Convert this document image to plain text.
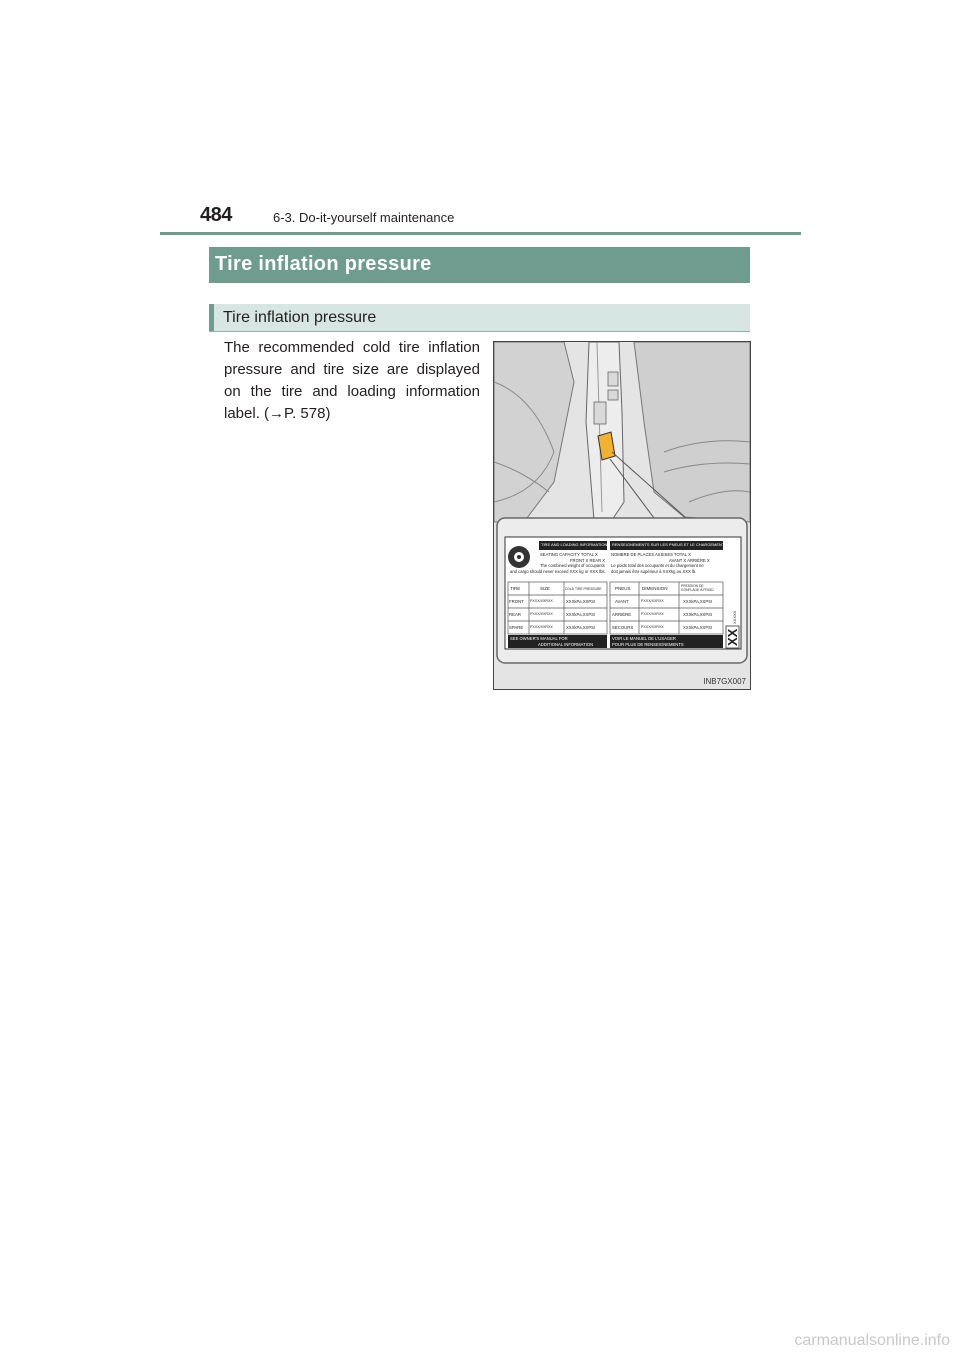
484	6-3. Do-it-yourself maintenance
Tire inflation pressure
Tire inflation pressure
The recommended cold tire inflation pressure and tire size are displayed on the tire and loading information label. (→P. 578)
TIRE AND LOADING INFORMATION RENSEIGNEMENTS SUR LES PNEUS ET LE CHARGEMENT
SEATING CAPACITY TOTAL X
FRONT X REAR X
The combined weight of occupants
and cargo should never exceed XXX kg or XXX lbs.
NOMBRE DE PLACES ASSISES TOTAL X
AVANT X ARRIÈRE X
Le poids total des occupants et du chargement ne
doit jamais être supérieur à XXXkg ou XXX lb.
TIRE	SIZE	COLD TIRE PRESSURE
FRONT PXXX/XXRXX	XXXkPa,XXPSI
REAR	PXXX/XXRXX	XXXkPa,XXPSI
SPARE PXXX/XXRXX	XXXkPa,XXPSI
PNEUS	DIMENSION	PRESSION DE GONFLAGE À FROID
AVANT	PXXX/XXRXX	XXXkPa,XXPSI
ARRIÈRE	PXXX/XXRXX	XXXkPa,XXPSI
SECOURS PXXX/XXRXX	XXXkPa,XXPSI
SEE OWNER'S MANUAL FOR
ADDITIONAL INFORMATION
VOIR LE MANUEL DE L'USAGER
POUR PLUS DE RENSEIGNEMENTS	XX
XXXXX
INB7GX007
carmanualsonline.info
